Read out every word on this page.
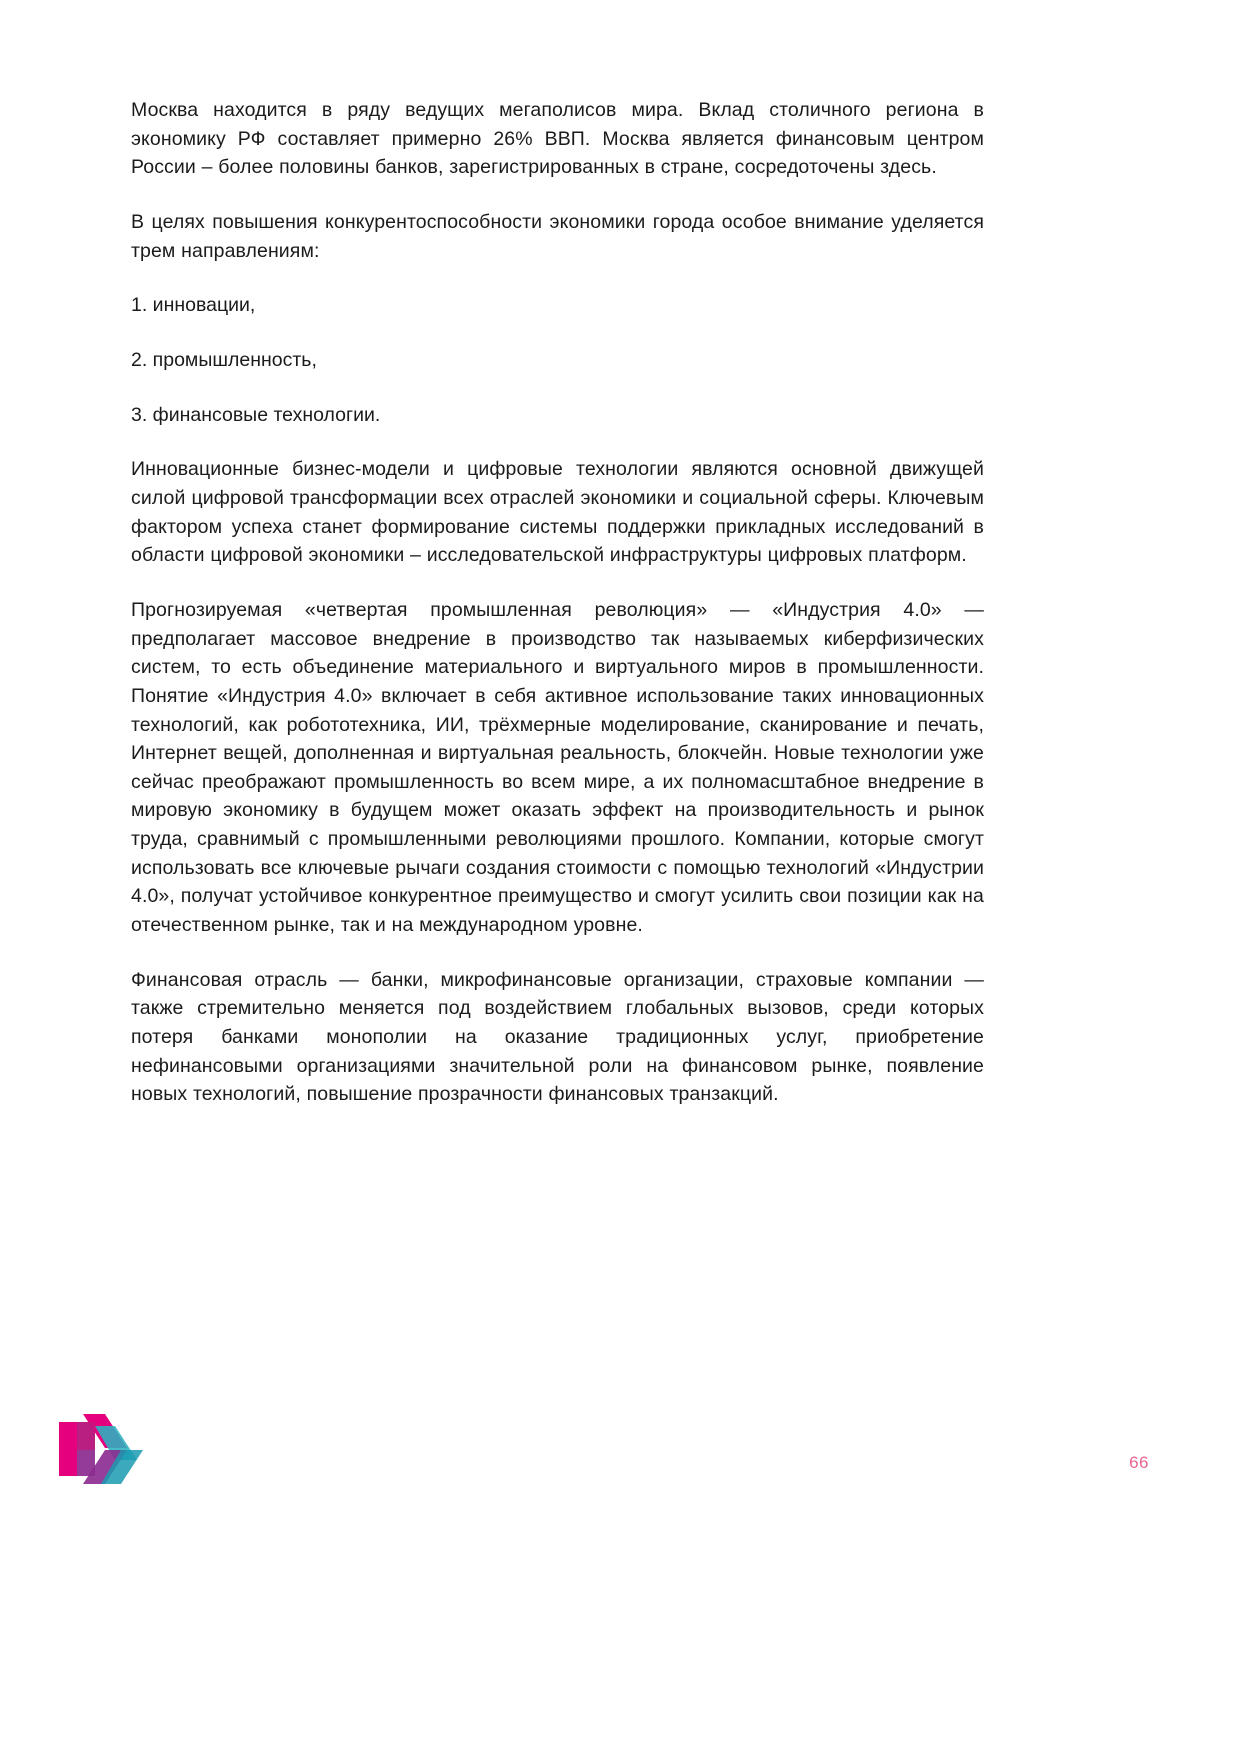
Москва находится в ряду ведущих мегаполисов мира. Вклад столичного региона в экономику РФ составляет примерно 26% ВВП. Москва является финансовым центром России – более половины банков, зарегистрированных в стране, сосредоточены здесь.

В целях повышения конкурентоспособности экономики города особое внимание уделяется трем направлениям:

1. инновации,

2. промышленность,

3. финансовые технологии.

Инновационные бизнес-модели и цифровые технологии являются основной движущей силой цифровой трансформации всех отраслей экономики и социальной сферы. Ключевым фактором успеха станет формирование системы поддержки прикладных исследований в области цифровой экономики – исследовательской инфраструктуры цифровых платформ.

Прогнозируемая «четвертая промышленная революция» — «Индустрия 4.0» — предполагает массовое внедрение в производство так называемых киберфизических систем, то есть объединение материального и виртуального миров в промышленности. Понятие «Индустрия 4.0» включает в себя активное использование таких инновационных технологий, как робототехника, ИИ, трёхмерные моделирование, сканирование и печать, Интернет вещей, дополненная и виртуальная реальность, блокчейн. Новые технологии уже сейчас преображают промышленность во всем мире, а их полномасштабное внедрение в мировую экономику в будущем может оказать эффект на производительность и рынок труда, сравнимый с промышленными революциями прошлого. Компании, которые смогут использовать все ключевые рычаги создания стоимости с помощью технологий «Индустрии 4.0», получат устойчивое конкурентное преимущество и смогут усилить свои позиции как на отечественном рынке, так и на международном уровне.

Финансовая отрасль — банки, микрофинансовые организации, страховые компании — также стремительно меняется под воздействием глобальных вызовов, среди которых потеря банками монополии на оказание традиционных услуг, приобретение нефинансовыми организациями значительной роли на финансовом рынке, появление новых технологий, повышение прозрачности финансовых транзакций.

66
